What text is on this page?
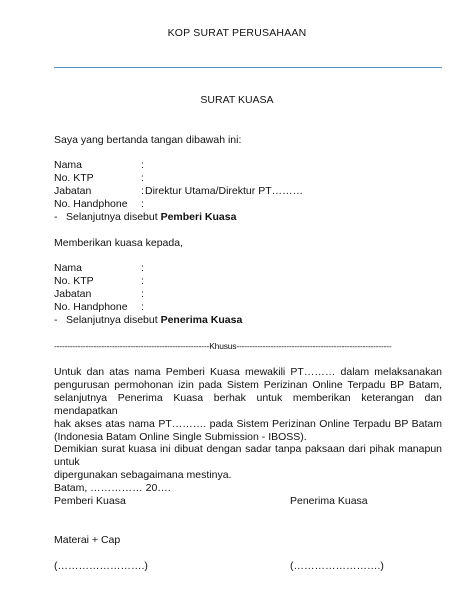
KOP SURAT PERUSAHAAN
SURAT KUASA
Saya yang bertanda tangan dibawah ini:
Nama	:
No. KTP	:
Jabatan	: Direktur Utama/Direktur PT………
No. Handphone :
- Selanjutnya disebut Pemberi Kuasa
Memberikan kuasa kepada,
Nama	:
No. KTP	:
Jabatan	:
No. Handphone :
- Selanjutnya disebut Penerima Kuasa
-----------------------------------------------------------Khusus-----------------------------------------------------------
Untuk dan atas nama Pemberi Kuasa mewakili PT……… dalam melaksanakan
pengurusan permohonan izin pada Sistem Perizinan Online Terpadu BP Batam,
selanjutnya Penerima Kuasa berhak untuk memberikan keterangan dan mendapatkan
hak akses atas nama PT………. pada Sistem Perizinan Online Terpadu BP Batam
(Indonesia Batam Online Single Submission - IBOSS).
Demikian surat kuasa ini dibuat dengan sadar tanpa paksaan dari pihak manapun untuk
dipergunakan sebagaimana mestinya.
Batam, …………… 20….
Pemberi Kuasa	Penerima Kuasa
Materai + Cap
(…………………….)	(…………………….)
